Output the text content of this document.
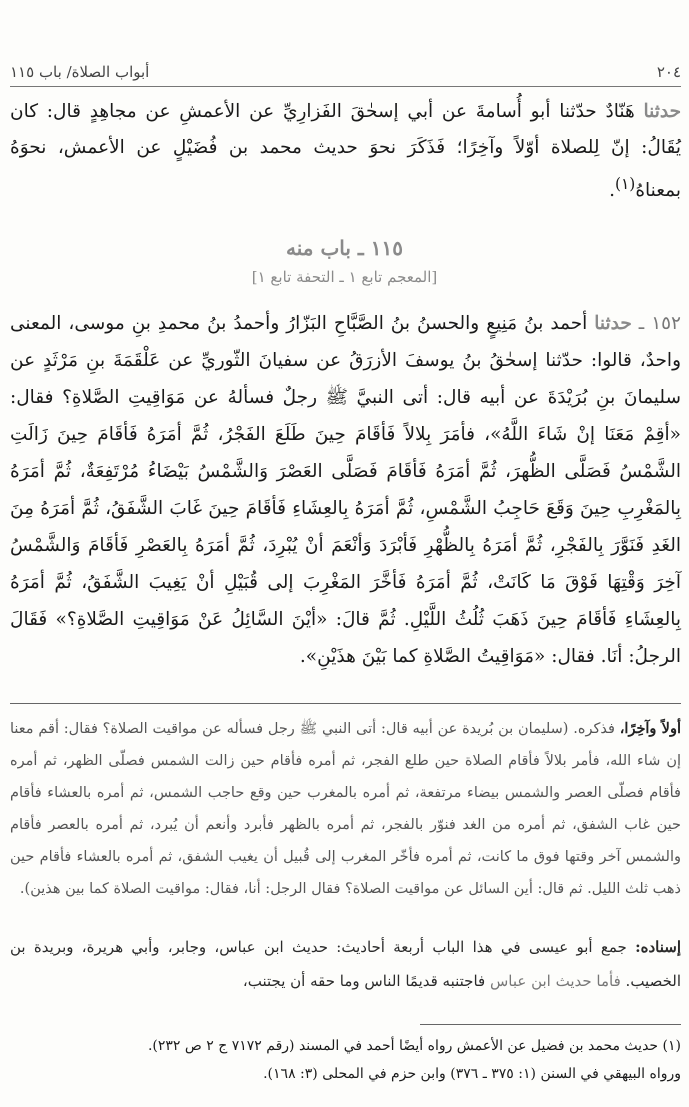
أبواب الصلاة/ باب ١١٥	٢٠٤
حدثنا هَنّادٌ حدّثنا أبو أُسامةَ عن أبي إسحٰقَ الفَزارِيِّ عن الأعمشِ عن مجاهِدٍ قال: كان يُقَالُ: إنّ لِلصلاة أوّلاً وآخِرًا؛ فَذَكَرَ نحوَ حديث محمد بن فُضَيْلٍ عن الأعمش، نحوَهُ بمعناهُ$^{(١)}$.
١١٥ ـ باب منه
[المعجم تابع ١ ـ التحفة تابع ١]
١٥٢ ـ حدثنا أحمد بنُ مَنِيعٍ والحسنُ بنُ الصَّبَّاحِ البَزّارُ وأحمدُ بنُ محمدِ بنِ موسى، المعنى واحدٌ، قالوا: حدّثنا إسحٰقُ بنُ يوسفَ الأزرَقُ عن سفيانَ الثّوريِّ عن عَلْقَمَةَ بنِ مَرْثَدٍ عن سليمانَ بنِ بُرَيْدَةَ عن أبيه قال: أتى النبيَّ ﷺ رجلٌ فسألهُ عن مَوَاقِيتِ الصَّلاةِ؟ فقال: «أقِمْ مَعَنَا إنْ شَاءَ اللَّهُ»، فأمَرَ بِلالاً فَأقَامَ حِينَ طَلَعَ الفَجْرُ، ثُمَّ أمَرَهُ فَأقَامَ حِينَ زَالَتِ الشَّمْسُ فَصَلَّى الظُّهرَ، ثُمَّ أمَرَهُ فَأقَامَ فَصَلَّى العَصْرَ وَالشَّمْسُ بَيْضَاءُ مُرْتَفِعَةٌ، ثُمَّ أمَرَهُ بِالمَغْرِبِ حِينَ وَقَعَ حَاجِبُ الشَّمْسِ، ثُمَّ أمَرَهُ بِالعِشَاءِ فَأقَامَ حِينَ غَابَ الشَّفَقُ، ثُمَّ أمَرَهُ مِنَ الغَدِ فَنَوَّرَ بِالفَجْرِ، ثُمَّ أمَرَهُ بِالظُّهْرِ فَأبْرَدَ وَأنْعَمَ أنْ يُبْرِدَ، ثُمَّ أمَرَهُ بِالعَصْرِ فَأقَامَ وَالشَّمْسُ آخِرَ وَقْتِهَا فَوْقَ مَا كَانَتْ، ثُمَّ أمَرَهُ فَأخَّرَ المَغْرِبَ إلى قُبَيْلِ أنْ يَغِيبَ الشَّفَقُ، ثُمَّ أمَرَهُ بِالعِشَاءِ فَأقَامَ حِينَ ذَهَبَ ثُلُثُ اللَّيْلِ. ثُمَّ قالَ: «أيْنَ السَّائِلُ عَنْ مَوَاقِيتِ الصَّلاةِ؟» فَقَالَ الرجلُ: أنَا. فقال: «مَوَاقِيتُ الصَّلاةِ كما بَيْنَ هذَيْنِ».
أولاً وآخِرًا، فذكره. (سليمان بن بُريدة عن أبيه قال: أتى النبي ﷺ رجل فسأله عن مواقيت الصلاة؟ فقال: أقم معنا إن شاء الله، فأمر بلالاً فأقام الصلاة حين طلع الفجر، ثم أمره فأقام حين زالت الشمس فصلّى الظهر، ثم أمره فأقام فصلّى العصر والشمس بيضاء مرتفعة، ثم أمره بالمغرب حين وقع حاجب الشمس، ثم أمره بالعشاء فأقام حين غاب الشفق، ثم أمره من الغد فنوّر بالفجر، ثم أمره بالظهر فأبرد وأنعم أن يُبرد، ثم أمره بالعصر فأقام والشمس آخر وقتها فوق ما كانت، ثم أمره فأخّر المغرب إلى قُبيل أن يغيب الشفق، ثم أمره بالعشاء فأقام حين ذهب ثلث الليل. ثم قال: أين السائل عن مواقيت الصلاة؟ فقال الرجل: أنا، فقال: مواقيت الصلاة كما بين هذين).
إسناده: جمع أبو عيسى في هذا الباب أربعة أحاديث: حديث ابن عباس، وجابر، وأبي هريرة، وبريدة بن الخصيب. فأما حديث ابن عباس فاجتنبه قديمًا الناس وما حقه أن يجتنب،
(١) حديث محمد بن فضيل عن الأعمش رواه أيضًا أحمد في المسند (رقم ٧١٧٢ ج ٢ ص ٢٣٢).
ورواه البيهقي في السنن (١: ٣٧٥ ـ ٣٧٦) وابن حزم في المحلى (٣: ١٦٨).
